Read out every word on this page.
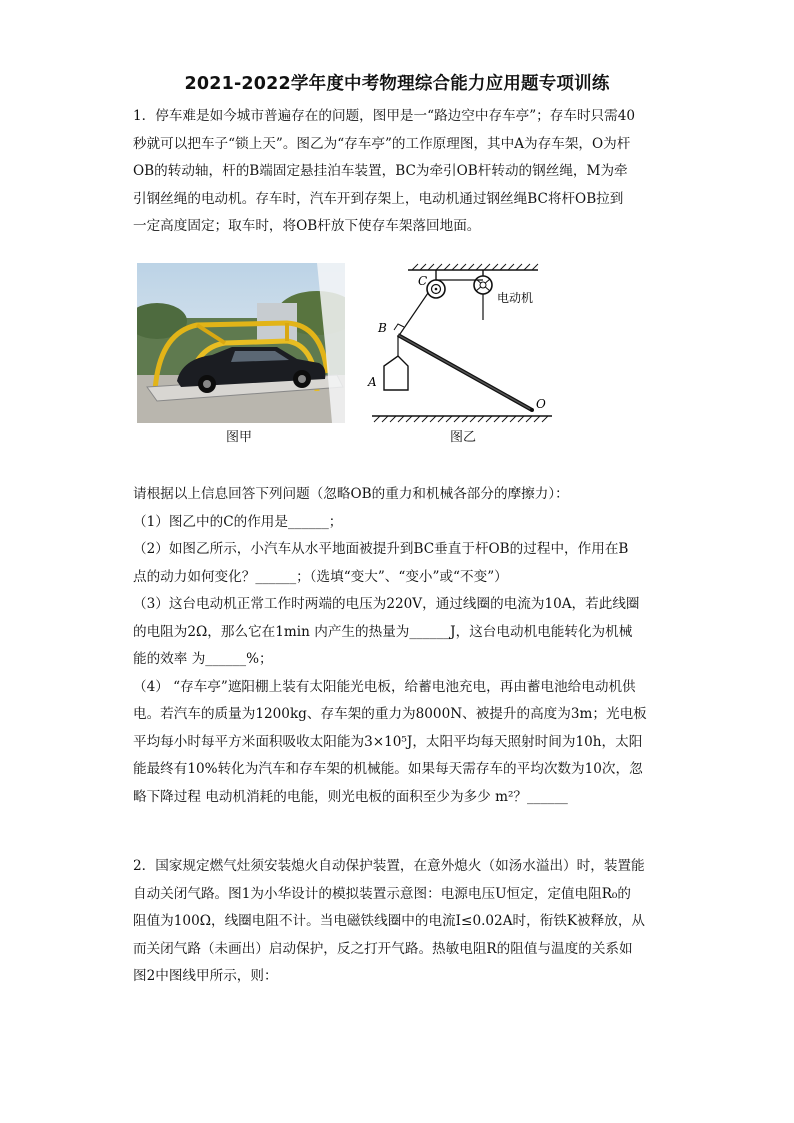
2021-2022学年度中考物理综合能力应用题专项训练
1．停车难是如今城市普遍存在的问题，图甲是一“路边空中存车亭”；存车时只需40
秒就可以把车子“锁上天”。图乙为“存车亭”的工作原理图，其中A为存车架，O为杆
OB的转动轴，杆的B端固定悬挂泊车装置，BC为牵引OB杆转动的钢丝绳，M为牵
引钢丝绳的电动机。存车时，汽车开到存架上，电动机通过钢丝绳BC将杆OB拉到
一定高度固定；取车时，将OB杆放下使存车架落回地面。
图甲
C
电动机
B
A
O
图乙
请根据以上信息回答下列问题（忽略OB的重力和机械各部分的摩擦力）：
（1）图乙中的C的作用是______；
（2）如图乙所示，小汽车从水平地面被提升到BC垂直于杆OB的过程中，作用在B
点的动力如何变化？______；（选填“变大”、“变小”或“不变”）
（3）这台电动机正常工作时两端的电压为220V，通过线圈的电流为10A，若此线圈
的电阻为2Ω，那么它在1min 内产生的热量为______J，这台电动机电能转化为机械
能的效率 为______%；
（4） “存车亭”遮阳棚上装有太阳能光电板，给蓄电池充电，再由蓄电池给电动机供
电。若汽车的质量为1200kg、存车架的重力为8000N、被提升的高度为3m；光电板
平均每小时每平方米面积吸收太阳能为3×10⁵J，太阳平均每天照射时间为10h，太阳
能最终有10%转化为汽车和存车架的机械能。如果每天需存车的平均次数为10次，忽
略下降过程 电动机消耗的电能，则光电板的面积至少为多少 m²？______
2．国家规定燃气灶须安装熄火自动保护装置，在意外熄火（如汤水溢出）时，装置能
自动关闭气路。图1为小华设计的模拟装置示意图：电源电压U恒定，定值电阻R₀的
阻值为100Ω，线圈电阻不计。当电磁铁线圈中的电流I≤0.02A时，衔铁K被释放，从
而关闭气路（未画出）启动保护，反之打开气路。热敏电阻R的阻值与温度的关系如
图2中图线甲所示，则：
